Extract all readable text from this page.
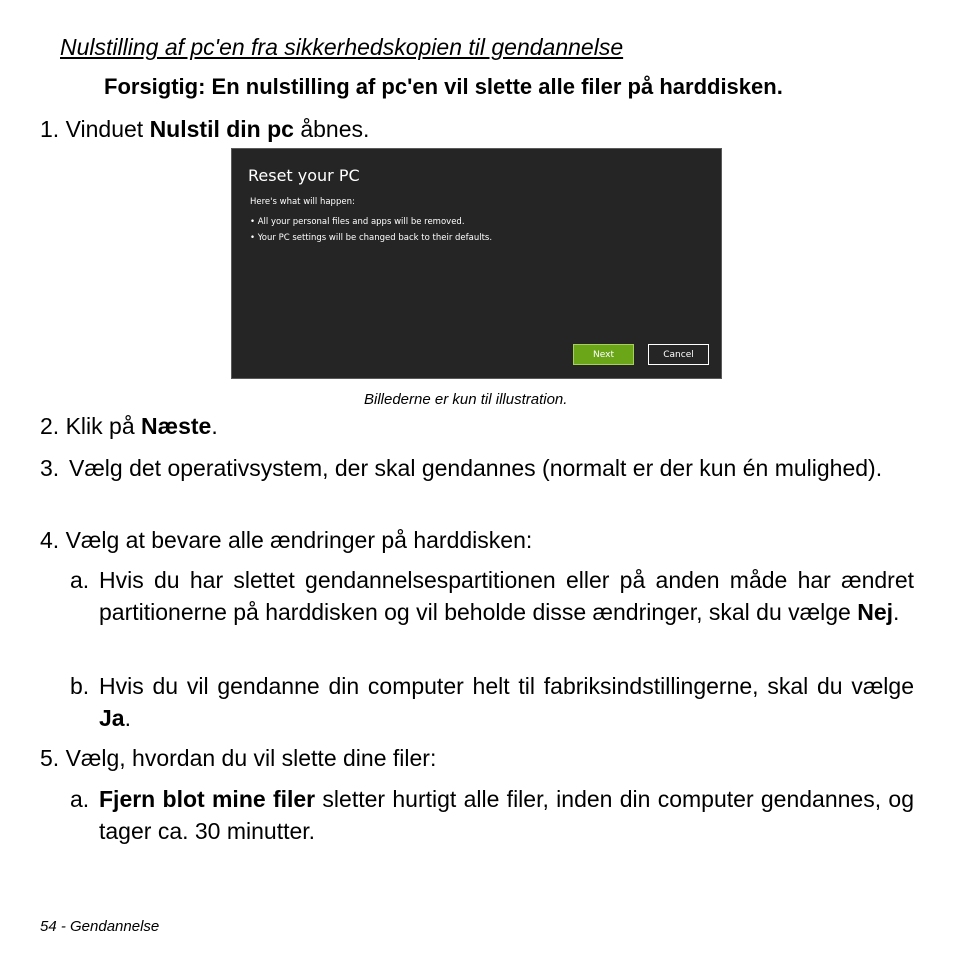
Nulstilling af pc'en fra sikkerhedskopien til gendannelse
Forsigtig: En nulstilling af pc'en vil slette alle filer på harddisken.
1. Vinduet Nulstil din pc åbnes.
Reset your PC
Here's what will happen:
• All your personal files and apps will be removed.
• Your PC settings will be changed back to their defaults.
Next	Cancel
Billederne er kun til illustration.
2. Klik på Næste.
3. Vælg det operativsystem, der skal gendannes (normalt er der kun én mulighed).
4. Vælg at bevare alle ændringer på harddisken:
a. Hvis du har slettet gendannelsespartitionen eller på anden måde har ændret partitionerne på harddisken og vil beholde disse ændringer, skal du vælge Nej.
b. Hvis du vil gendanne din computer helt til fabriksindstillingerne, skal du vælge Ja.
5. Vælg, hvordan du vil slette dine filer:
a. Fjern blot mine filer sletter hurtigt alle filer, inden din computer gendannes, og tager ca. 30 minutter.
54 - Gendannelse
